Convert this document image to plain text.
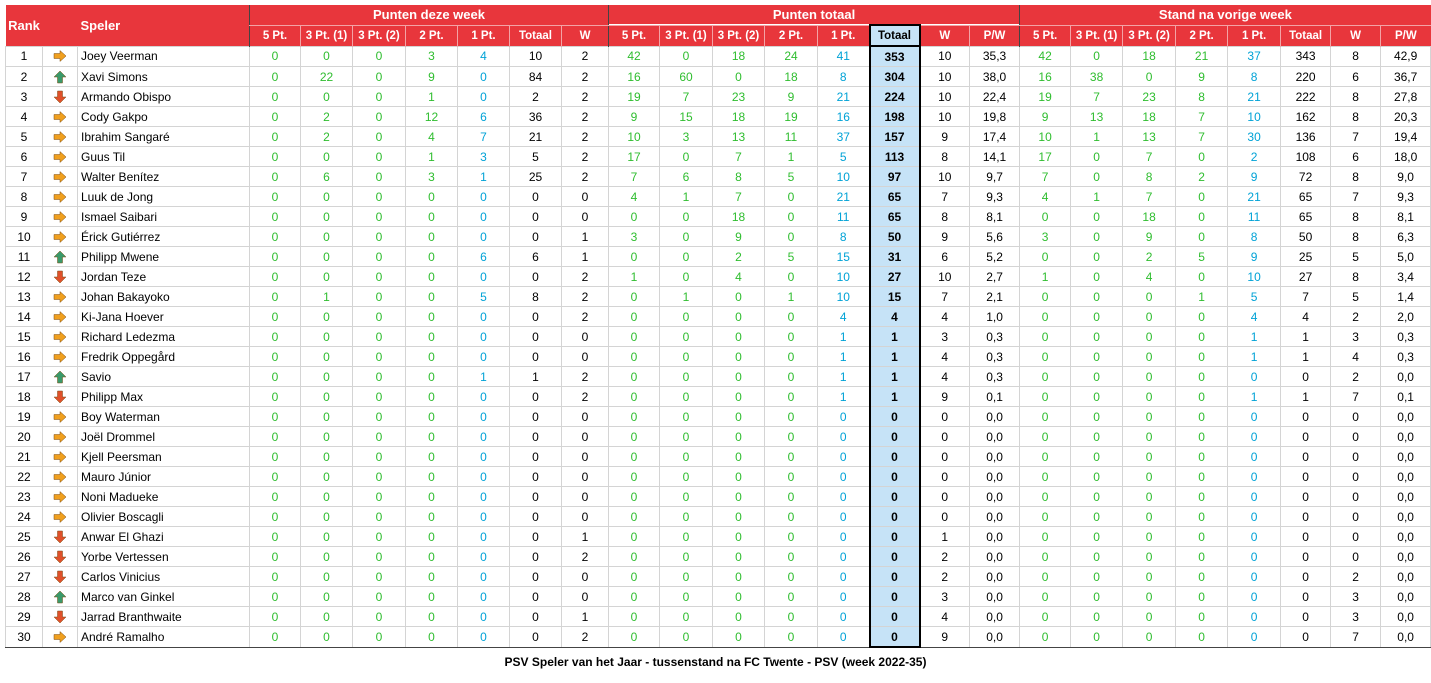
Rank		Speler	Punten deze week							Punten totaal								Stand na vorige week							
			5 Pt.	3 Pt. (1)	3 Pt. (2)	2 Pt.	1 Pt.	Totaal	W	5 Pt.	3 Pt. (1)	3 Pt. (2)	2 Pt.	1 Pt.	Totaal	W	P/W	5 Pt.	3 Pt. (1)	3 Pt. (2)	2 Pt.	1 Pt.	Totaal	W	P/W
1		Joey Veerman	0	0	0	3	4	10	2	42	0	18	24	41	353	10	35,3	42	0	18	21	37	343	8	42,9
2		Xavi Simons	0	22	0	9	0	84	2	16	60	0	18	8	304	10	38,0	16	38	0	9	8	220	6	36,7
3		Armando Obispo	0	0	0	1	0	2	2	19	7	23	9	21	224	10	22,4	19	7	23	8	21	222	8	27,8
4		Cody Gakpo	0	2	0	12	6	36	2	9	15	18	19	16	198	10	19,8	9	13	18	7	10	162	8	20,3
5		Ibrahim Sangaré	0	2	0	4	7	21	2	10	3	13	11	37	157	9	17,4	10	1	13	7	30	136	7	19,4
6		Guus Til	0	0	0	1	3	5	2	17	0	7	1	5	113	8	14,1	17	0	7	0	2	108	6	18,0
7		Walter Benítez	0	6	0	3	1	25	2	7	6	8	5	10	97	10	9,7	7	0	8	2	9	72	8	9,0
8		Luuk de Jong	0	0	0	0	0	0	0	4	1	7	0	21	65	7	9,3	4	1	7	0	21	65	7	9,3
9		Ismael Saibari	0	0	0	0	0	0	0	0	0	18	0	11	65	8	8,1	0	0	18	0	11	65	8	8,1
10		Érick Gutiérrez	0	0	0	0	0	0	1	3	0	9	0	8	50	9	5,6	3	0	9	0	8	50	8	6,3
11		Philipp Mwene	0	0	0	0	6	6	1	0	0	2	5	15	31	6	5,2	0	0	2	5	9	25	5	5,0
12		Jordan Teze	0	0	0	0	0	0	2	1	0	4	0	10	27	10	2,7	1	0	4	0	10	27	8	3,4
13		Johan Bakayoko	0	1	0	0	5	8	2	0	1	0	1	10	15	7	2,1	0	0	0	1	5	7	5	1,4
14		Ki-Jana Hoever	0	0	0	0	0	0	2	0	0	0	0	4	4	4	1,0	0	0	0	0	4	4	2	2,0
15		Richard Ledezma	0	0	0	0	0	0	0	0	0	0	0	1	1	3	0,3	0	0	0	0	1	1	3	0,3
16		Fredrik Oppegård	0	0	0	0	0	0	0	0	0	0	0	1	1	4	0,3	0	0	0	0	1	1	4	0,3
17		Savio	0	0	0	0	1	1	2	0	0	0	0	1	1	4	0,3	0	0	0	0	0	0	2	0,0
18		Philipp Max	0	0	0	0	0	0	2	0	0	0	0	1	1	9	0,1	0	0	0	0	1	1	7	0,1
19		Boy Waterman	0	0	0	0	0	0	0	0	0	0	0	0	0	0	0,0	0	0	0	0	0	0	0	0,0
20		Joël Drommel	0	0	0	0	0	0	0	0	0	0	0	0	0	0	0,0	0	0	0	0	0	0	0	0,0
21		Kjell Peersman	0	0	0	0	0	0	0	0	0	0	0	0	0	0	0,0	0	0	0	0	0	0	0	0,0
22		Mauro Júnior	0	0	0	0	0	0	0	0	0	0	0	0	0	0	0,0	0	0	0	0	0	0	0	0,0
23		Noni Madueke	0	0	0	0	0	0	0	0	0	0	0	0	0	0	0,0	0	0	0	0	0	0	0	0,0
24		Olivier Boscagli	0	0	0	0	0	0	0	0	0	0	0	0	0	0	0,0	0	0	0	0	0	0	0	0,0
25		Anwar El Ghazi	0	0	0	0	0	0	1	0	0	0	0	0	0	1	0,0	0	0	0	0	0	0	0	0,0
26		Yorbe Vertessen	0	0	0	0	0	0	2	0	0	0	0	0	0	2	0,0	0	0	0	0	0	0	0	0,0
27		Carlos Vinicius	0	0	0	0	0	0	0	0	0	0	0	0	0	2	0,0	0	0	0	0	0	0	2	0,0
28		Marco van Ginkel	0	0	0	0	0	0	0	0	0	0	0	0	0	3	0,0	0	0	0	0	0	0	3	0,0
29		Jarrad Branthwaite	0	0	0	0	0	0	1	0	0	0	0	0	0	4	0,0	0	0	0	0	0	0	3	0,0
30		André Ramalho	0	0	0	0	0	0	2	0	0	0	0	0	0	9	0,0	0	0	0	0	0	0	7	0,0
PSV Speler van het Jaar - tussenstand na FC Twente - PSV (week 2022-35)
